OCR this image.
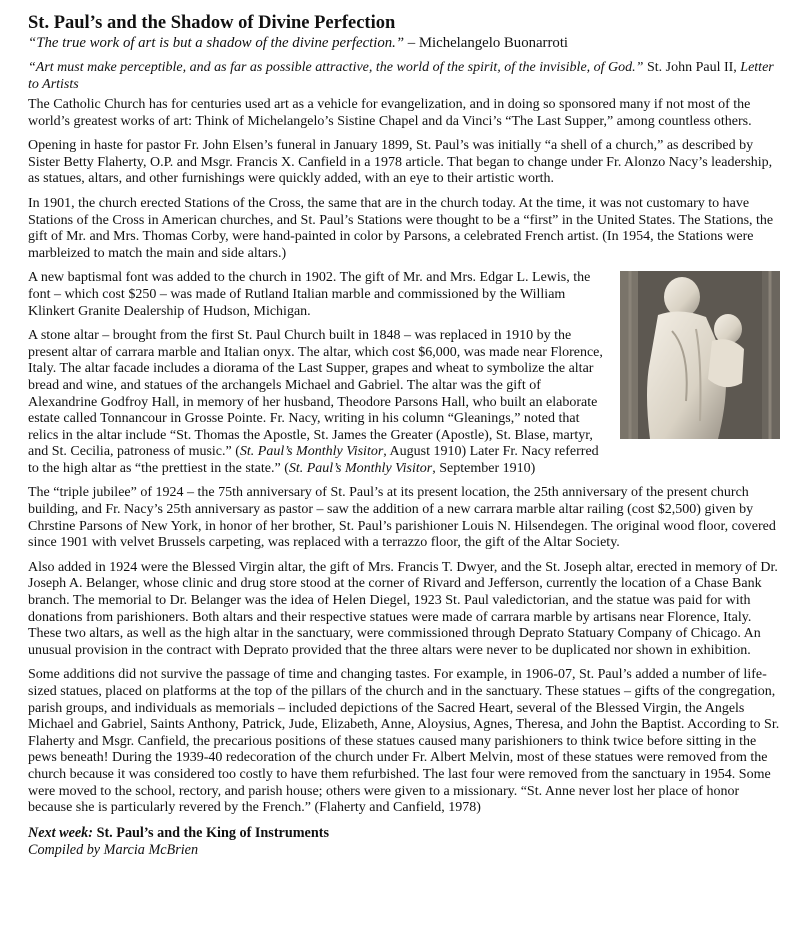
St. Paul’s and the Shadow of Divine Perfection
“The true work of art is but a shadow of the divine perfection.” – Michelangelo Buonarroti
“Art must make perceptible, and as far as possible attractive, the world of the spirit, of the invisible, of God.” St. John Paul II, Letter to Artists

The Catholic Church has for centuries used art as a vehicle for evangelization, and in doing so sponsored many if not most of the world’s greatest works of art: Think of Michelangelo’s Sistine Chapel and da Vinci’s “The Last Supper,” among countless others.

Opening in haste for pastor Fr. John Elsen’s funeral in January 1899, St. Paul’s was initially “a shell of a church,” as described by Sister Betty Flaherty, O.P. and Msgr. Francis X. Canfield in a 1978 article. That began to change under Fr. Alonzo Nacy’s leadership, as statues, altars, and other furnishings were quickly added, with an eye to their artistic worth.

In 1901, the church erected Stations of the Cross, the same that are in the church today. At the time, it was not customary to have Stations of the Cross in American churches, and St. Paul’s Stations were thought to be a “first” in the United States. The Stations, the gift of Mr. and Mrs. Thomas Corby, were hand-painted in color by Parsons, a celebrated French artist. (In 1954, the Stations were marbleized to match the main and side altars.)

A new baptismal font was added to the church in 1902. The gift of Mr. and Mrs. Edgar L. Lewis, the font – which cost $250 – was made of Rutland Italian marble and commissioned by the William Klinkert Granite Dealership of Hudson, Michigan.

A stone altar – brought from the first St. Paul Church built in 1848 – was replaced in 1910 by the present altar of carrara marble and Italian onyx. The altar, which cost $6,000, was made near Florence, Italy. The altar facade includes a diorama of the Last Supper, grapes and wheat to symbolize the altar bread and wine, and statues of the archangels Michael and Gabriel. The altar was the gift of Alexandrine Godfroy Hall, in memory of her husband, Theodore Parsons Hall, who built an elaborate estate called Tonnancour in Grosse Pointe. Fr. Nacy, writing in his column “Gleanings,” noted that relics in the altar include “St. Thomas the Apostle, St. James the Greater (Apostle), St. Blase, martyr, and St. Cecilia, patroness of music.” (St. Paul’s Monthly Visitor, August 1910) Later Fr. Nacy referred to the high altar as “the prettiest in the state.” (St. Paul’s Monthly Visitor, September 1910)

The “triple jubilee” of 1924 – the 75th anniversary of St. Paul’s at its present location, the 25th anniversary of the present church building, and Fr. Nacy’s 25th anniversary as pastor – saw the addition of a new carrara marble altar railing (cost $2,500) given by Chrstine Parsons of New York, in honor of her brother, St. Paul’s parishioner Louis N. Hilsendegen. The original wood floor, covered since 1901 with velvet Brussels carpeting, was replaced with a terrazzo floor, the gift of the Altar Society.

Also added in 1924 were the Blessed Virgin altar, the gift of Mrs. Francis T. Dwyer, and the St. Joseph altar, erected in memory of Dr. Joseph A. Belanger, whose clinic and drug store stood at the corner of Rivard and Jefferson, currently the location of a Chase Bank branch. The memorial to Dr. Belanger was the idea of Helen Diegel, 1923 St. Paul valedictorian, and the statue was paid for with donations from parishioners. Both altars and their respective statues were made of carrara marble by artisans near Florence, Italy. These two altars, as well as the high altar in the sanctuary, were commissioned through Deprato Statuary Company of Chicago. An unusual provision in the contract with Deprato provided that the three altars were never to be duplicated nor shown in exhibition.

Some additions did not survive the passage of time and changing tastes. For example, in 1906-07, St. Paul’s added a number of life-sized statues, placed on platforms at the top of the pillars of the church and in the sanctuary. These statues – gifts of the congregation, parish groups, and individuals as memorials – included depictions of the Sacred Heart, several of the Blessed Virgin, the Angels Michael and Gabriel, Saints Anthony, Patrick, Jude, Elizabeth, Anne, Aloysius, Agnes, Theresa, and John the Baptist. According to Sr. Flaherty and Msgr. Canfield, the precarious positions of these statues caused many parishioners to think twice before sitting in the pews beneath! During the 1939-40 redecoration of the church under Fr. Albert Melvin, most of these statues were removed from the church because it was considered too costly to have them refurbished. The last four were removed from the sanctuary in 1954. Some were moved to the school, rectory, and parish house; others were given to a missionary. “St. Anne never lost her place of honor because she is particularly revered by the French.” (Flaherty and Canfield, 1978)

Next week: St. Paul’s and the King of Instruments
Compiled by Marcia McBrien
